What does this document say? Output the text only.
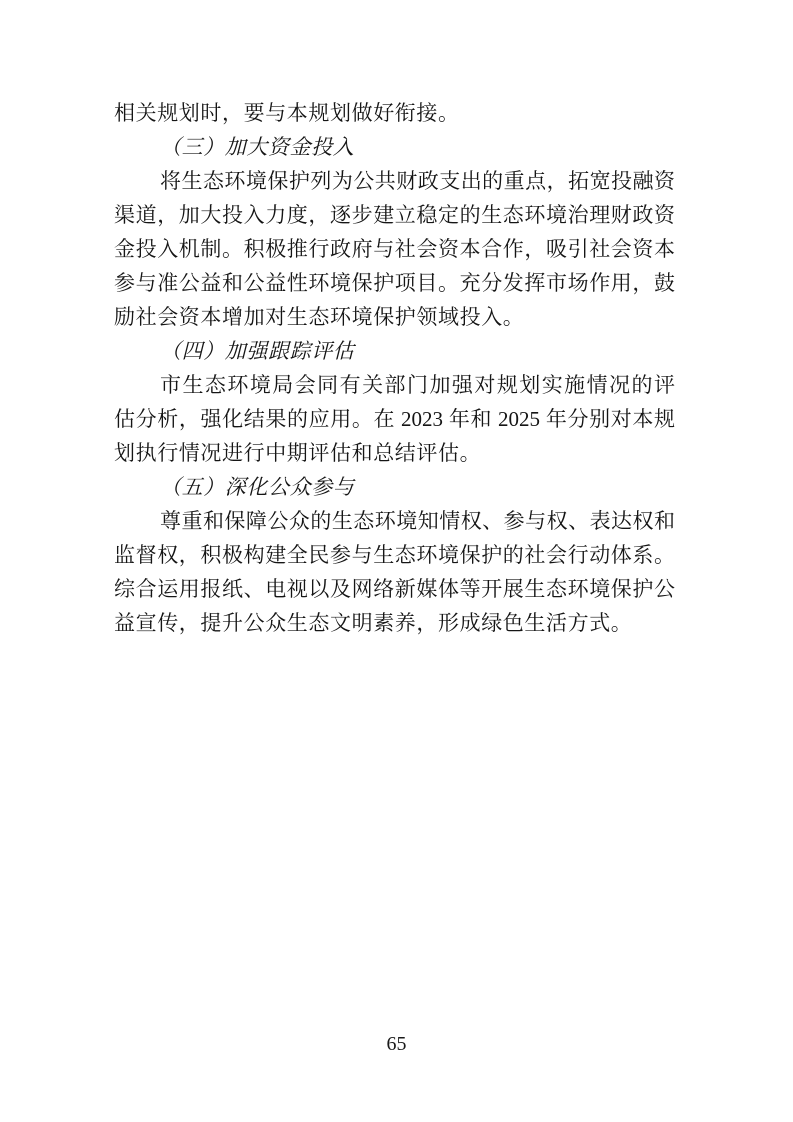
相关规划时，要与本规划做好衔接。
（三）加大资金投入
将生态环境保护列为公共财政支出的重点，拓宽投融资
渠道，加大投入力度，逐步建立稳定的生态环境治理财政资
金投入机制。积极推行政府与社会资本合作，吸引社会资本
参与准公益和公益性环境保护项目。充分发挥市场作用，鼓
励社会资本增加对生态环境保护领域投入。
（四）加强跟踪评估
市生态环境局会同有关部门加强对规划实施情况的评
估分析，强化结果的应用。在 2023 年和 2025 年分别对本规
划执行情况进行中期评估和总结评估。
（五）深化公众参与
尊重和保障公众的生态环境知情权、参与权、表达权和
监督权，积极构建全民参与生态环境保护的社会行动体系。
综合运用报纸、电视以及网络新媒体等开展生态环境保护公
益宣传，提升公众生态文明素养，形成绿色生活方式。
65
